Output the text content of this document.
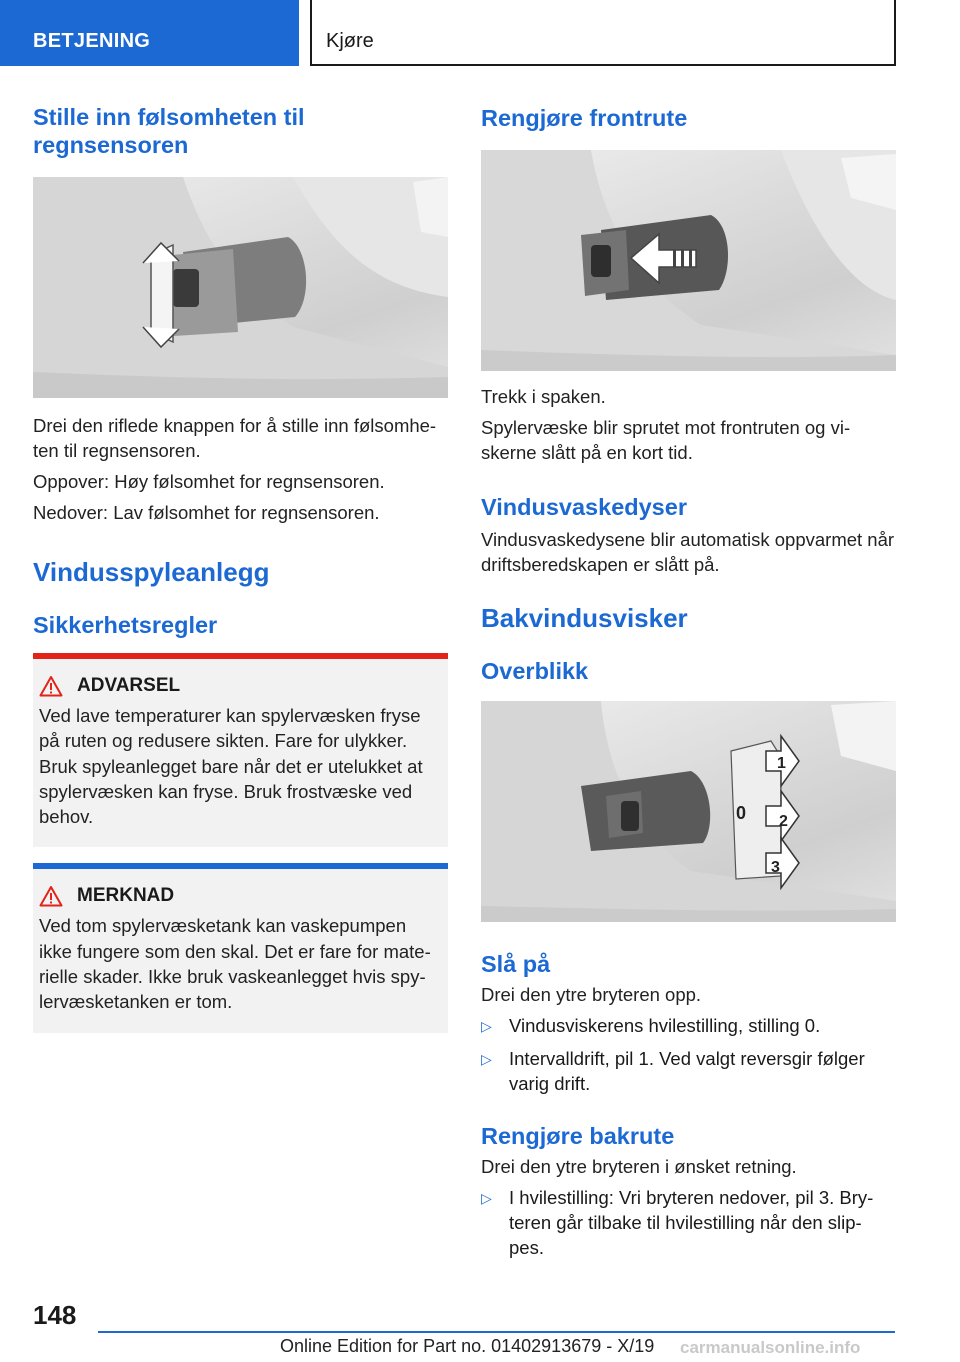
BETJENING	Kjøre
Stille inn følsomheten til regnsensoren
Drei den riflede knappen for å stille inn følsomhe-ten til regnsensoren.
Oppover: Høy følsomhet for regnsensoren.
Nedover: Lav følsomhet for regnsensoren.
Vindusspyleanlegg
Sikkerhetsregler
ADVARSEL
Ved lave temperaturer kan spylervæsken fryse på ruten og redusere sikten. Fare for ulykker. Bruk spyleanlegget bare når det er utelukket at spylervæsken kan fryse. Bruk frostvæske ved behov.
MERKNAD
Ved tom spylervæsketank kan vaskepumpen ikke fungere som den skal. Det er fare for mate-rielle skader. Ikke bruk vaskeanlegget hvis spy-lervæsketanken er tom.
Rengjøre frontrute
Trekk i spaken.
Spylervæske blir sprutet mot frontruten og vi-skerne slått på en kort tid.
Vindusvaskedyser
Vindusvaskedysene blir automatisk oppvarmet når driftsberedskapen er slått på.
Bakvindusvisker
Overblikk
1
0 2
3
Slå på
Drei den ytre bryteren opp.
▷ Vindusviskerens hvilestilling, stilling 0.
▷ Intervalldrift, pil 1. Ved valgt reversgir følger varig drift.
Rengjøre bakrute
Drei den ytre bryteren i ønsket retning.
▷ I hvilestilling: Vri bryteren nedover, pil 3. Bry-teren går tilbake til hvilestilling når den slip-pes.
148
Online Edition for Part no. 01402913679 - X/19 carmanualsonline.info
